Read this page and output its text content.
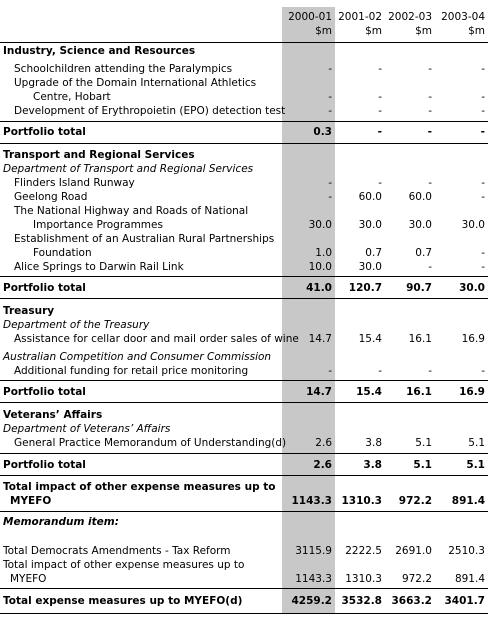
2000-01 2001-02 2002-03 2003-04
$m	$m	$m	$m
Industry, Science and Resources
Schoolchildren attending the Paralympics	-	-	-	-
Upgrade of the Domain International Athletics
Centre, Hobart	-	-	-	-
Development of Erythropoietin (EPO) detection test	-	-	-	-
Portfolio total	0.3	-	-	-
Transport and Regional Services
Department of Transport and Regional Services
Flinders Island Runway	-	-	-	-
Geelong Road	-	60.0	60.0	-
The National Highway and Roads of National
Importance Programmes	30.0	30.0	30.0	30.0
Establishment of an Australian Rural Partnerships
Foundation	1.0	0.7	0.7	-
Alice Springs to Darwin Rail Link	10.0	30.0	-	-
Portfolio total	41.0	120.7	90.7	30.0
Treasury
Department of the Treasury
Assistance for cellar door and mail order sales of wine 14.7	15.4	16.1	16.9
Australian Competition and Consumer Commission
Additional funding for retail price monitoring	-	-	-	-
Portfolio total	14.7	15.4	16.1	16.9
Veterans’ Affairs
Department of Veterans’ Affairs
General Practice Memorandum of Understanding(d)	2.6	3.8	5.1	5.1
Portfolio total	2.6	3.8	5.1	5.1
Total impact of other expense measures up to
MYEFO	1143.3 1310.3	972.2	891.4
Memorandum item:
Total Democrats Amendments - Tax Reform	3115.9	2222.5	2691.0	2510.3
Total impact of other expense measures up to
MYEFO	1143.3	1310.3	972.2	891.4
Total expense measures up to MYEFO(d)	4259.2 3532.8 3663.2	3401.7
